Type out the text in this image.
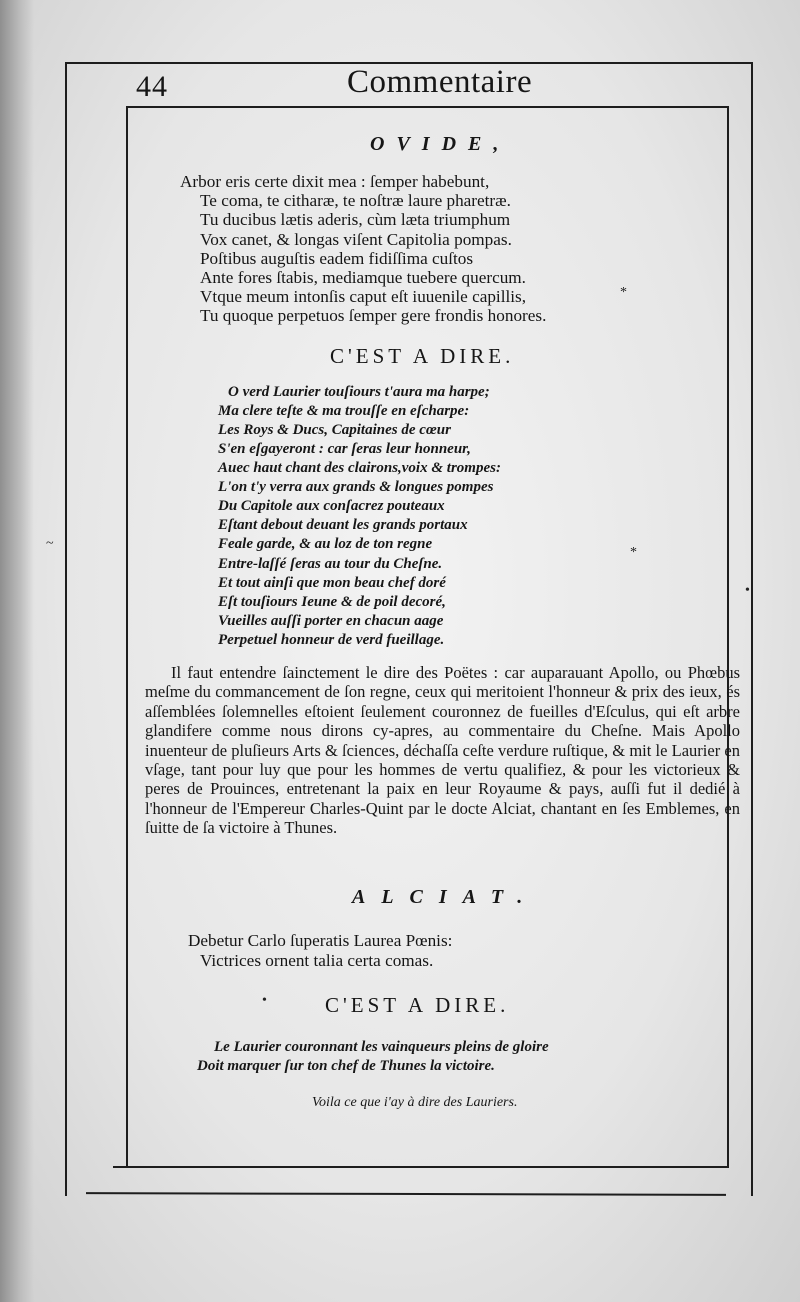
44	Commentaire
OVIDE,
Arbor eris certe dixit mea : ſemper habebunt,
Te coma, te citharæ, te noſtræ laure pharetræ.
Tu ducibus lætis aderis, cùm læta triumphum
Vox canet, & longas viſent Capitolia pompas.
Poſtibus auguſtis eadem fidiſſima cuſtos
Ante fores ſtabis, mediamque tuebere quercum.
Vtque meum intonſis caput eſt iuuenile capillis,
Tu quoque perpetuos ſemper gere frondis honores.
C'EST A DIRE.
O verd Laurier touſiours t'aura ma harpe;
Ma clere teſte & ma trouſſe en eſcharpe:
Les Roys & Ducs, Capitaines de cœur
S'en eſgayeront : car ſeras leur honneur,
Auec haut chant des clairons,voix & trompes:
L'on t'y verra aux grands & longues pompes
Du Capitole aux conſacrez pouteaux
Eſtant debout deuant les grands portaux
Feale garde, & au loz de ton regne
Entre-laſſé ſeras au tour du Cheſne.
Et tout ainſi que mon beau chef doré
Eſt touſiours Ieune & de poil decoré,
Vueilles auſſi porter en chacun aage
Perpetuel honneur de verd fueillage.

Il faut entendre ſainctement le dire des Poëtes : car auparauant Apollo, ou Phœbus meſme du commancement de ſon regne, ceux qui meritoient l'honneur & prix des ieux, és aſſemblées ſolemnelles eſtoient ſeulement couronnez de fueilles d'Eſculus, qui eſt arbre glandifere comme nous dirons cy-apres, au commentaire du Cheſne. Mais Apollo inuenteur de pluſieurs Arts & ſciences, déchaſſa ceſte verdure ruſtique, & mit le Laurier en vſage, tant pour luy que pour les hommes de vertu qualifiez, & pour les victorieux & peres de Prouinces, entretenant la paix en leur Royaume & pays, auſſi fut il dedié à l'honneur de l'Empereur Charles-Quint par le docte Alciat, chantant en ſes Emblemes, en ſuitte de ſa victoire à Thunes.

ALCIAT.
Debetur Carlo ſuperatis Laurea Pœnis:
Victrices ornent talia certa comas.
C'EST A DIRE.
Le Laurier couronnant les vainqueurs pleins de gloire
Doit marquer ſur ton chef de Thunes la victoire.
Voila ce que i'ay à dire des Lauriers.
*
*
~
•
•
